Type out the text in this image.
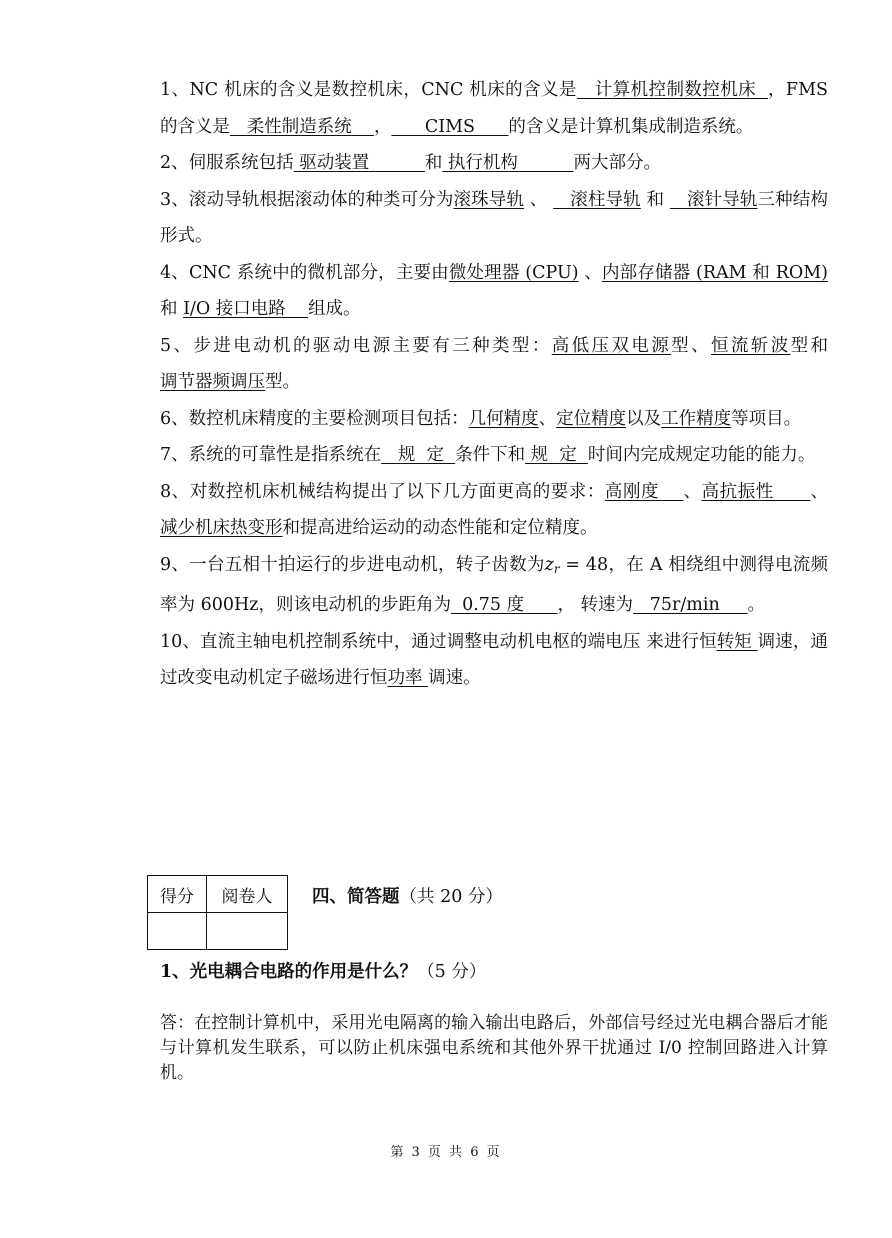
1、NC 机床的含义是数控机床，CNC 机床的含义是   计算机控制数控机床  ，FMS 的含义是   柔性制造系统    ，      CIMS      的含义是计算机集成制造系统。

2、伺服系统包括 驱动装置          和 执行机构          两大部分。

3、滚动导轨根据滚动体的种类可分为滚珠导轨 、    滚柱导轨 和    滚针导轨三种结构形式。

4、CNC 系统中的微机部分，主要由微处理器 (CPU) 、内部存储器 (RAM 和 ROM) 和 I/O 接口电路    组成。

5、步进电动机的驱动电源主要有三种类型：高低压双电源型、恒流斩波型和调节器频调压型。

6、数控机床精度的主要检测项目包括：几何精度、定位精度以及工作精度等项目。

7、系统的可靠性是指系统在   规  定  条件下和 规  定  时间内完成规定功能的能力。

8、对数控机床机械结构提出了以下几方面更高的要求：高刚度    、高抗振性      、减少机床热变形和提高进给运动的动态性能和定位精度。

9、一台五相十拍运行的步进电动机，转子齿数为$z_r = 48$，在 A 相绕组中测得电流频率为 600Hz，则该电动机的步距角为  0.75 度      ， 转速为   75r/min     。

10、直流主轴电机控制系统中，通过调整电动机电枢的端电压 来进行恒转矩 调速，通过改变电动机定子磁场进行恒功率 调速。

得分	阅卷人
	四、简答题（共 20 分）
1、光电耦合电路的作用是什么？（5 分）

答：在控制计算机中，采用光电隔离的输入输出电路后，外部信号经过光电耦合器后才能与计算机发生联系，可以防止机床强电系统和其他外界干扰通过 I/0 控制回路进入计算机。

第 3 页 共 6 页
